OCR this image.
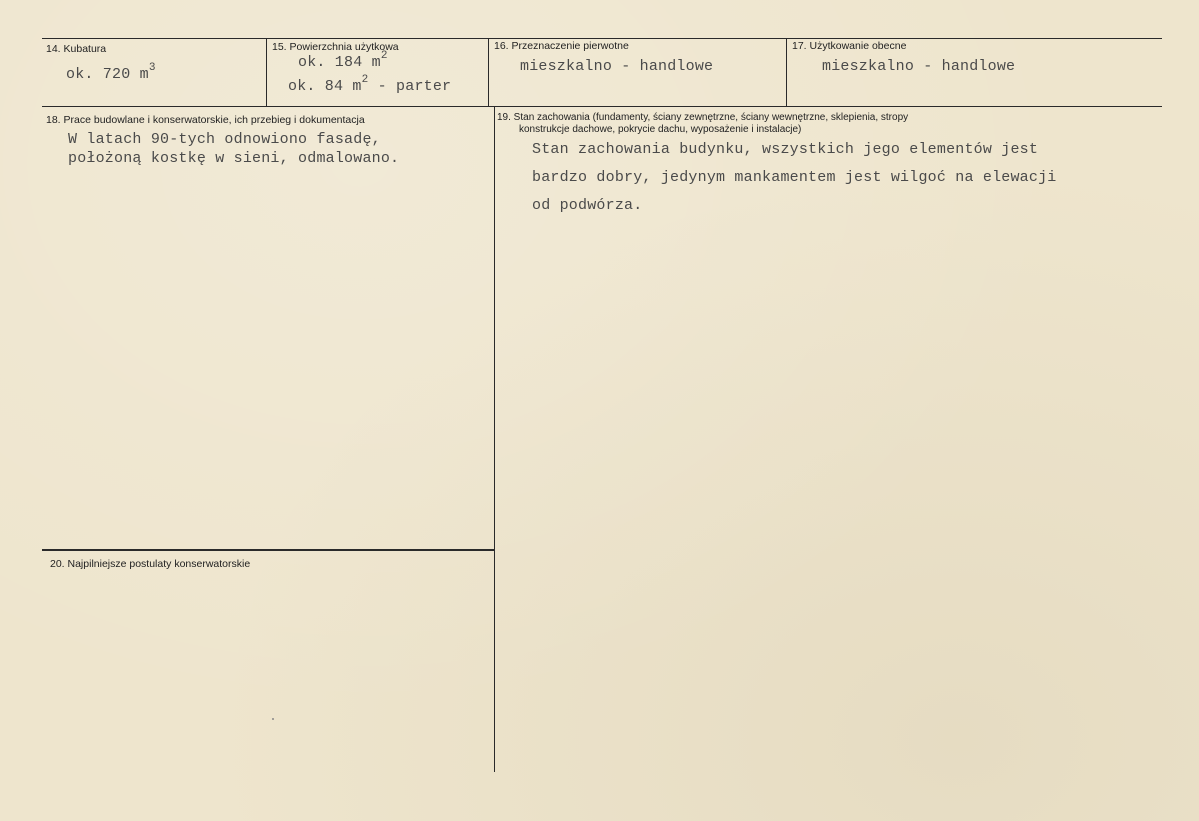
14. Kubatura
ok. 720 $m^3$
15. Powierzchnia użytkowa
ok. 184 $m^2$
ok. 84 $m^2$ - parter
16. Przeznaczenie pierwotne
mieszkalno - handlowe
17. Użytkowanie obecne
mieszkalno - handlowe
18. Prace budowlane i konserwatorskie, ich przebieg i dokumentacja
W latach 90-tych odnowiono fasadę,
położoną kostkę w sieni, odmalowano.
19. Stan zachowania (fundamenty, ściany zewnętrzne, ściany wewnętrzne, sklepienia, stropy
konstrukcje dachowe, pokrycie dachu, wyposażenie i instalacje)
Stan zachowania budynku, wszystkich jego elementów jest
bardzo dobry, jedynym mankamentem jest wilgoć na elewacji
od podwórza.
20. Najpilniejsze postulaty konserwatorskie
